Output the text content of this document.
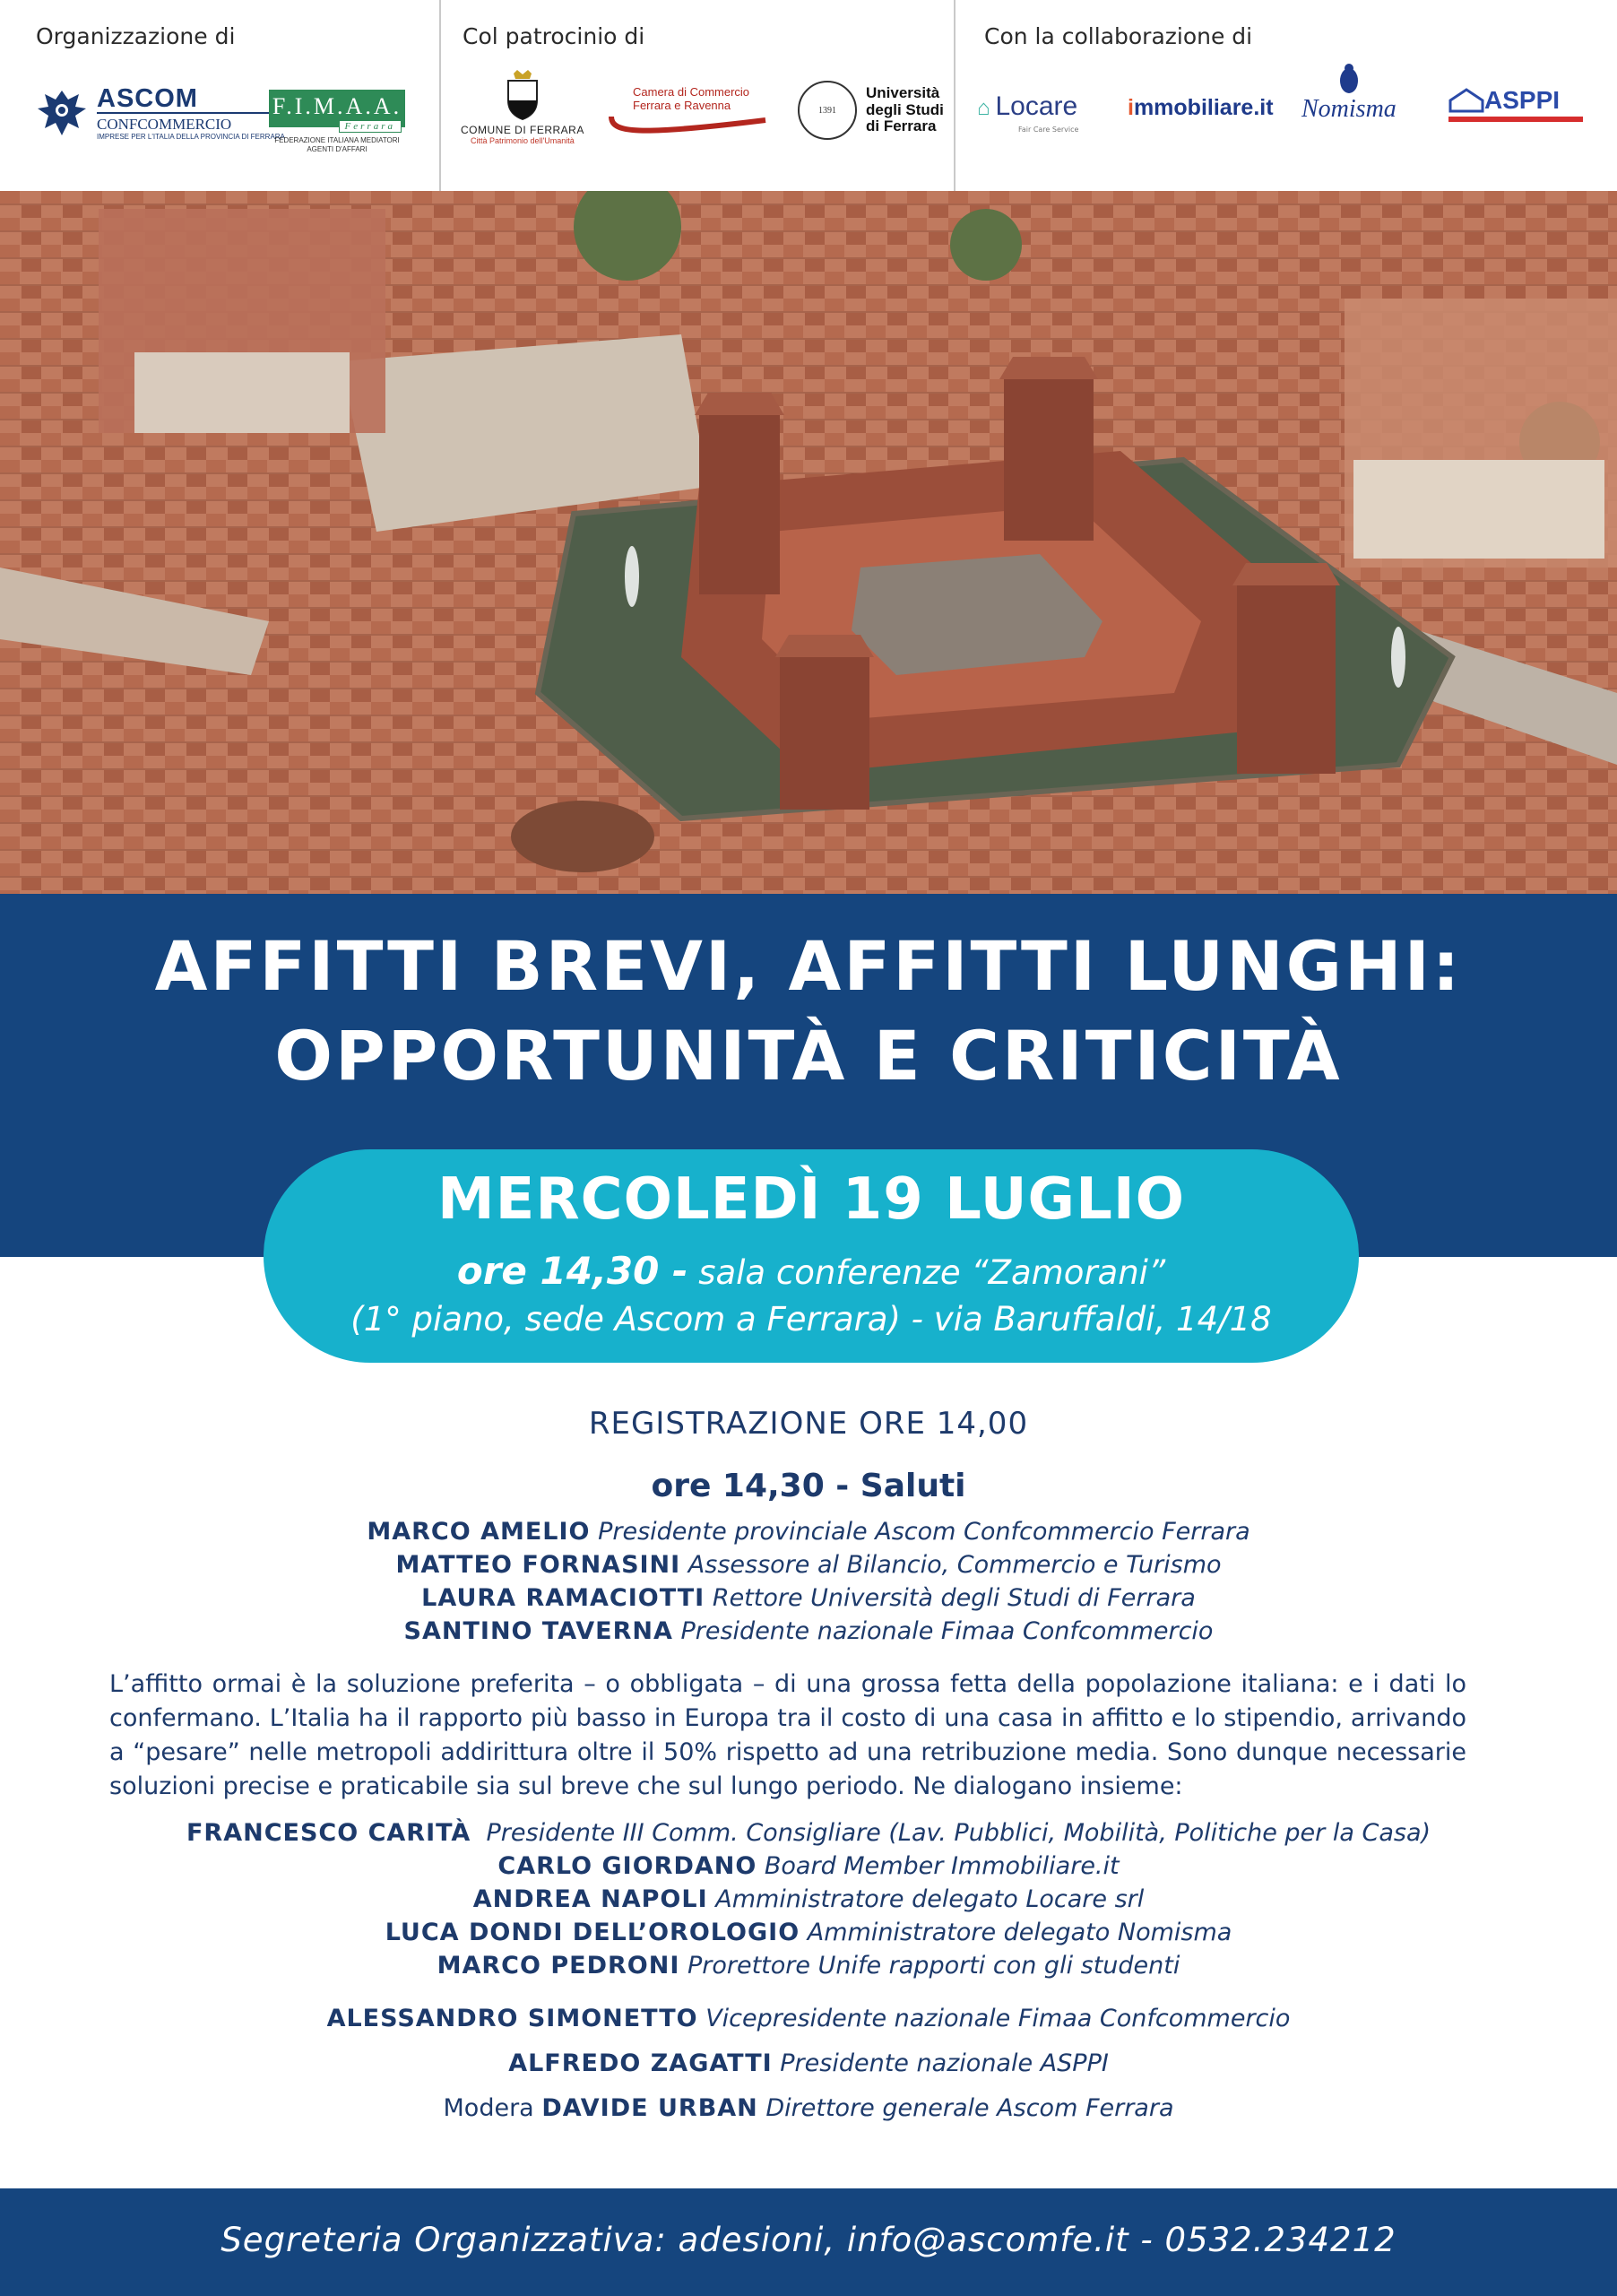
Organizzazione di
ASCOM
CONFCOMMERCIO
IMPRESE PER L'ITALIA DELLA PROVINCIA DI FERRARA
F.I.M.A.A.
Ferrara
FEDERAZIONE ITALIANA MEDIATORI AGENTI D'AFFARI
Col patrocinio di
COMUNE DI FERRARA
Città Patrimonio dell'Umanità
Camera di Commercio
Ferrara e Ravenna	1391
Università
degli Studi
di Ferrara
Con la collaborazione di
⌂ Locare
Fair Care Service
immobiliare.it Nomisma	ASPPI
AFFITTI BREVI, AFFITTI LUNGHI:
OPPORTUNITÀ E CRITICITÀ
MERCOLEDÌ 19 LUGLIO
ore 14,30 - sala conferenze “Zamorani”
(1° piano, sede Ascom a Ferrara) - via Baruffaldi, 14/18
REGISTRAZIONE ORE 14,00
ore 14,30 - Saluti
MARCO AMELIO Presidente provinciale Ascom Confcommercio Ferrara
MATTEO FORNASINI Assessore al Bilancio, Commercio e Turismo
LAURA RAMACIOTTI Rettore Università degli Studi di Ferrara
SANTINO TAVERNA Presidente nazionale Fimaa Confcommercio
L’affitto ormai è la soluzione preferita – o obbligata – di una grossa fetta della popolazione italiana: e i dati lo confermano. L’Italia ha il rapporto più basso in Europa tra il costo di una casa in affitto e lo stipendio, arrivando a “pesare” nelle metropoli addirittura oltre il 50% rispetto ad una retribuzione media. Sono dunque necessarie soluzioni precise e praticabile sia sul breve che sul lungo periodo. Ne dialogano insieme:
FRANCESCO CARITÀ Presidente III Comm. Consigliare (Lav. Pubblici, Mobilità, Politiche per la Casa)
CARLO GIORDANO Board Member Immobiliare.it
ANDREA NAPOLI Amministratore delegato Locare srl
LUCA DONDI DELL’OROLOGIO Amministratore delegato Nomisma
MARCO PEDRONI Prorettore Unife rapporti con gli studenti
ALESSANDRO SIMONETTO Vicepresidente nazionale Fimaa Confcommercio
ALFREDO ZAGATTI Presidente nazionale ASPPI
Modera DAVIDE URBAN Direttore generale Ascom Ferrara
Segreteria Organizzativa: adesioni, info@ascomfe.it - 0532.234212
